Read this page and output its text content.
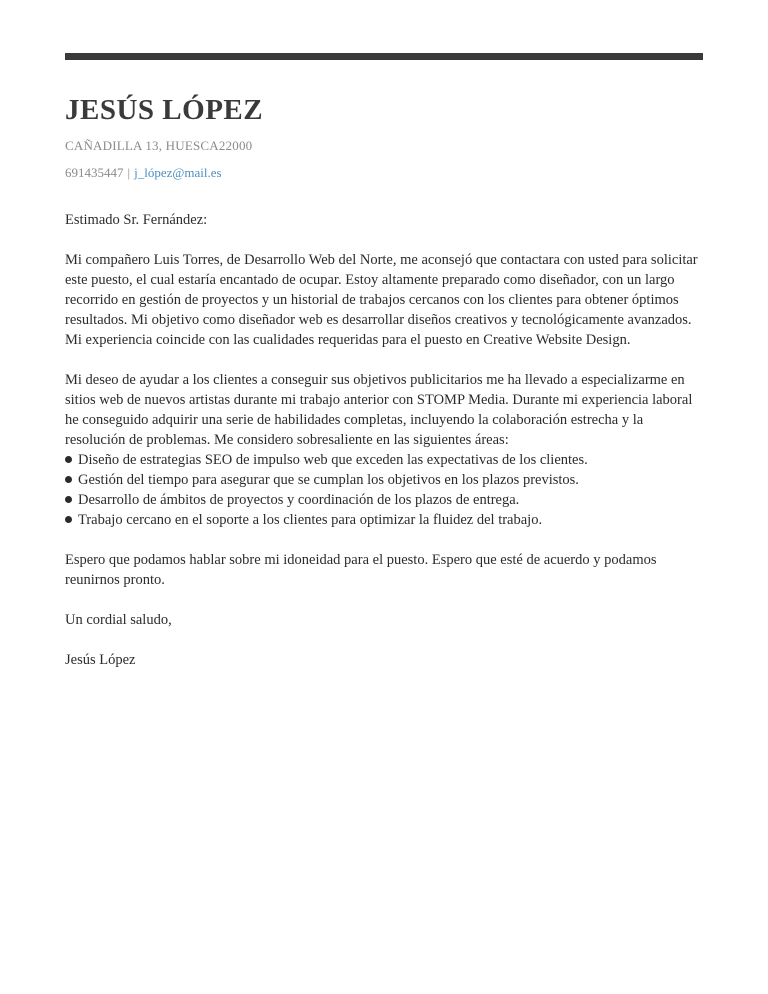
JESÚS LÓPEZ
CAÑADILLA 13, HUESCA22000
691435447 | j_lópez@mail.es

Estimado Sr. Fernández:

Mi compañero Luis Torres, de Desarrollo Web del Norte, me aconsejó que contactara con usted para solicitar este puesto, el cual estaría encantado de ocupar. Estoy altamente preparado como diseñador, con un largo recorrido en gestión de proyectos y un historial de trabajos cercanos con los clientes para obtener óptimos resultados. Mi objetivo como diseñador web es desarrollar diseños creativos y tecnológicamente avanzados. Mi experiencia coincide con las cualidades requeridas para el puesto en Creative Website Design.

Mi deseo de ayudar a los clientes a conseguir sus objetivos publicitarios me ha llevado a especializarme en sitios web de nuevos artistas durante mi trabajo anterior con STOMP Media. Durante mi experiencia laboral he conseguido adquirir una serie de habilidades completas, incluyendo la colaboración estrecha y la resolución de problemas. Me considero sobresaliente en las siguientes áreas:

Diseño de estrategias SEO de impulso web que exceden las expectativas de los clientes.
Gestión del tiempo para asegurar que se cumplan los objetivos en los plazos previstos.
Desarrollo de ámbitos de proyectos y coordinación de los plazos de entrega.
Trabajo cercano en el soporte a los clientes para optimizar la fluidez del trabajo.

Espero que podamos hablar sobre mi idoneidad para el puesto. Espero que esté de acuerdo y podamos reunirnos pronto.

Un cordial saludo,

Jesús López
